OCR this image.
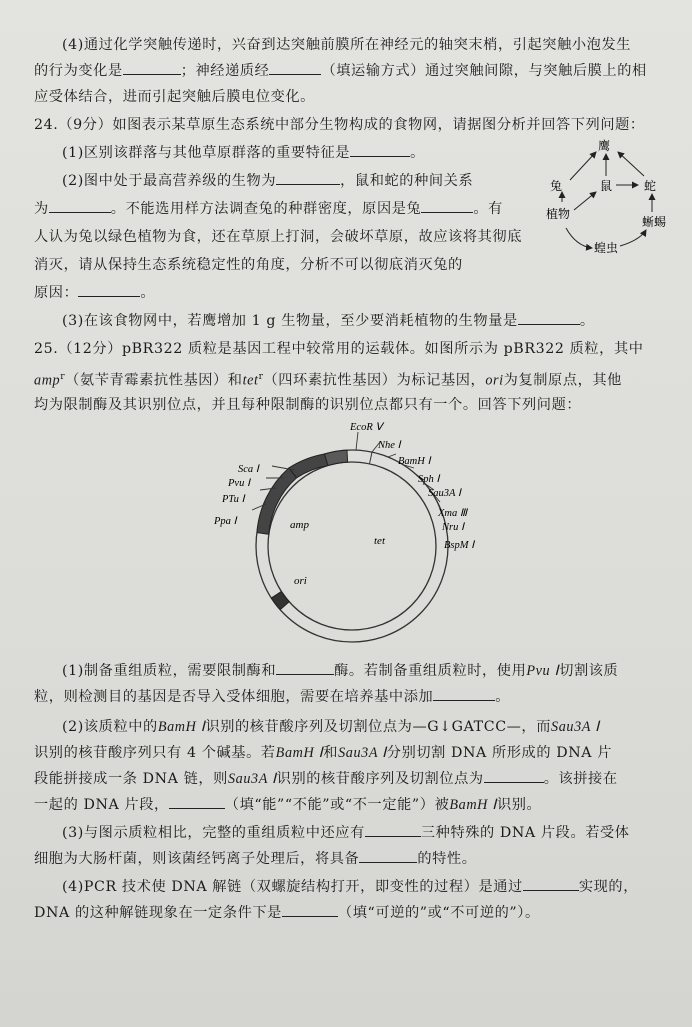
(4)通过化学突触传递时，兴奋到达突触前膜所在神经元的轴突末梢，引起突触小泡发生
的行为变化是	；神经递质经	（填运输方式）通过突触间隙，与突触后膜上的相
应受体结合，进而引起突触后膜电位变化。
24.（9分）如图表示某草原生态系统中部分生物构成的食物网，请据图分析并回答下列问题：
(1)区别该群落与其他草原群落的重要特征是	。
(2)图中处于最高营养级的生物为	，鼠和蛇的种间关系
为	。不能选用样方法调查兔的种群密度，原因是兔	。有
人认为兔以绿色植物为食，还在草原上打洞，会破坏草原，故应该将其彻底
消灭，请从保持生态系统稳定性的角度，分析不可以彻底消灭兔的
原因：	。
(3)在该食物网中，若鹰增加 1 g 生物量，至少要消耗植物的生物量是	。
鹰
兔	鼠	蛇
植物
蜥蜴
蝗虫
25.（12分）pBR322 质粒是基因工程中较常用的运载体。如图所示为 pBR322 质粒，其中
amp$^r$（氨苄青霉素抗性基因）和tet$^r$（四环素抗性基因）为标记基因，ori为复制原点，其他
均为限制酶及其识别位点，并且每种限制酶的识别位点都只有一个。回答下列问题：
amp
tet
ori
EcoR Ⅴ
Nhe Ⅰ
BamH Ⅰ
Sph Ⅰ
Sau3A Ⅰ
Xma Ⅲ
Nru Ⅰ
BspM Ⅰ
Sca Ⅰ
Pvu Ⅰ
PTu Ⅰ
Ppa Ⅰ
(1)制备重组质粒，需要限制酶和	酶。若制备重组质粒时，使用Pvu Ⅰ切割该质
粒，则检测目的基因是否导入受体细胞，需要在培养基中添加	。
(2)该质粒中的BamH Ⅰ识别的核苷酸序列及切割位点为—G↓GATCC—，而Sau3A Ⅰ
识别的核苷酸序列只有 4 个碱基。若BamH Ⅰ和Sau3A Ⅰ分别切割 DNA 所形成的 DNA 片
段能拼接成一条 DNA 链，则Sau3A Ⅰ识别的核苷酸序列及切割位点为	。该拼接在
一起的 DNA 片段，	（填“能”“不能”或“不一定能”）被BamH Ⅰ识别。
(3)与图示质粒相比，完整的重组质粒中还应有	三种特殊的 DNA 片段。若受体
细胞为大肠杆菌，则该菌经钙离子处理后，将具备	的特性。
(4)PCR 技术使 DNA 解链（双螺旋结构打开，即变性的过程）是通过	实现的，
DNA 的这种解链现象在一定条件下是	（填“可逆的”或“不可逆的”）。
